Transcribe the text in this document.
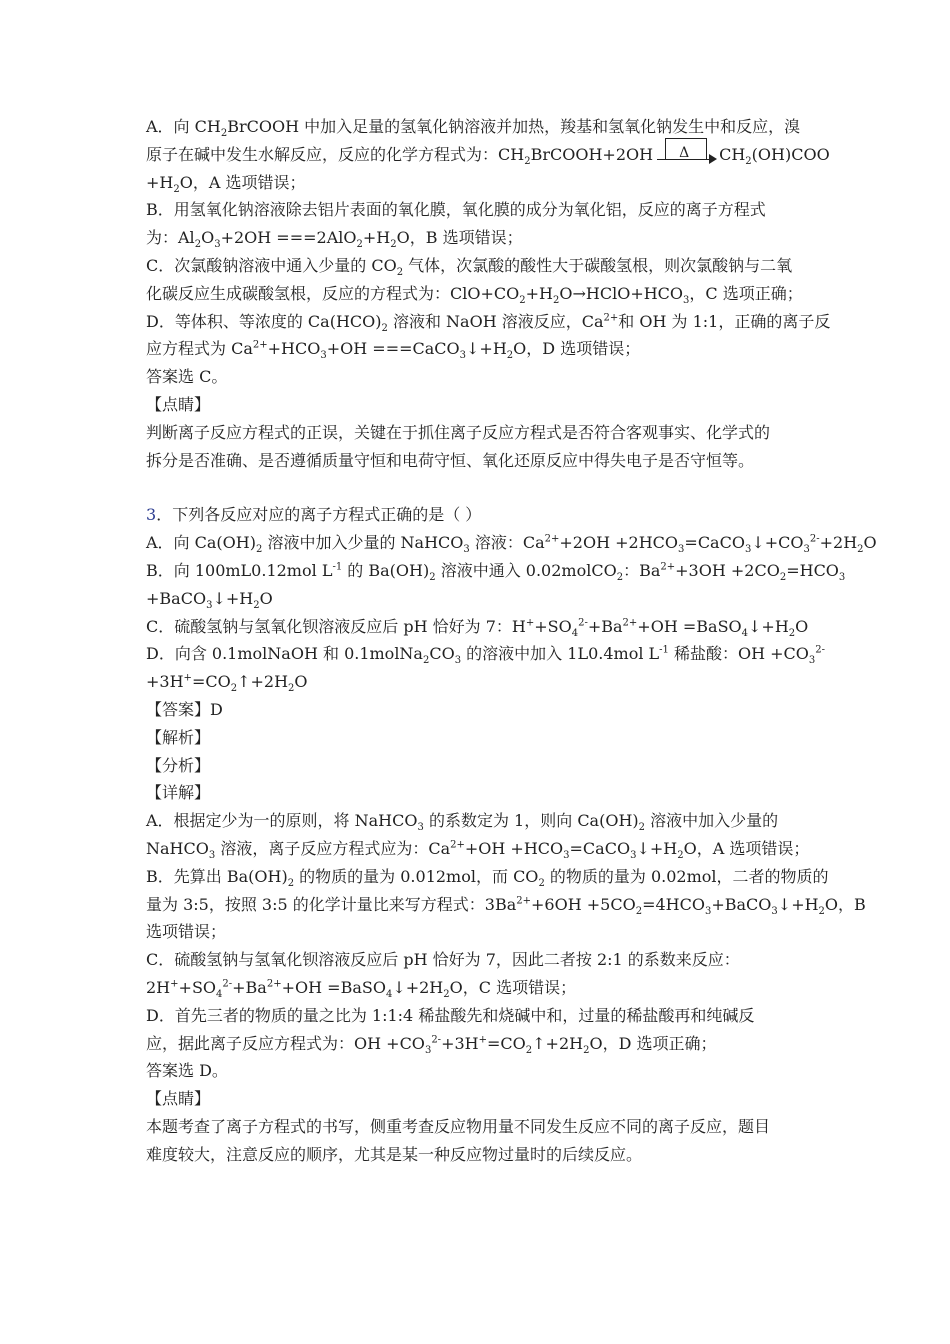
A．向 $CH_2BrCOOH$ 中加入足量的氢氧化钠溶液并加热，羧基和氢氧化钠发生中和反应，溴
原子在碱中发生水解反应，反应的化学方程式为：$CH_2BrCOOH+2OH$ Δ $CH_2(OH)COO$
$+H_2O$，A 选项错误；
B．用氢氧化钠溶液除去铝片表面的氧化膜，氧化膜的成分为氧化铝，反应的离子方程式
为：$Al_2O_3+2OH ===2AlO_2+H_2O$，B 选项错误；
C．次氯酸钠溶液中通入少量的 $CO_2$ 气体，次氯酸的酸性大于碳酸氢根，则次氯酸钠与二氧
化碳反应生成碳酸氢根，反应的方程式为：$ClO+CO_2+H_2O\to HClO+HCO_3$，C 选项正确；
D．等体积、等浓度的 $Ca(HCO)_2$ 溶液和 NaOH 溶液反应，$Ca^{2+}$和 OH 为 1:1，正确的离子反
应方程式为 $Ca^{2+}+HCO_3+OH$ $===CaCO_3↓+H_2O$，D 选项错误；
答案选 C。
【点睛】
判断离子反应方程式的正误，关键在于抓住离子反应方程式是否符合客观事实、化学式的
拆分是否准确、是否遵循质量守恒和电荷守恒、氧化还原反应中得失电子是否守恒等。
3．下列各反应对应的离子方程式正确的是（ ）
A．向 $Ca(OH)_2$ 溶液中加入少量的 NaHCO$_3$ 溶液：$Ca^{2+}+2OH$ $+2HCO_3=CaCO_3↓+CO_3^{2-}+2H_2O$
B．向 100mL0.12mol $L^{-1}$ 的 $Ba(OH)_2$ 溶液中通入 0.02molCO$_2$：$Ba^{2+}+3OH +2CO_2=HCO_3$
$+BaCO_3↓+H_2O$
C．硫酸氢钠与氢氧化钡溶液反应后 pH 恰好为 7：$H^++SO_4^{2-}+Ba^{2+}+OH$ $=BaSO_4↓+H_2O$
D．向含 0.1molNaOH 和 $0.1molNa_2CO_3$ 的溶液中加入 1L0.4mol $L^{-1}$ 稀盐酸：OH $+CO_3^{2-}$
$+3H^+=CO_2↑+2H_2O$
【答案】D
【解析】
【分析】
【详解】
A．根据定少为一的原则，将 NaHCO$_3$ 的系数定为 1，则向 $Ca(OH)_2$ 溶液中加入少量的
NaHCO$_3$ 溶液，离子反应方程式应为：$Ca^{2+}+OH$ $+HCO_3=CaCO_3↓+H_2O$，A 选项错误；
B．先算出 $Ba(OH)_2$ 的物质的量为 0.012mol，而 $CO_2$ 的物质的量为 0.02mol，二者的物质的
量为 3:5，按照 3:5 的化学计量比来写方程式：$3Ba^{2+}+6OH$ $+5CO_2=4HCO_3+BaCO_3↓+H_2O$，B
选项错误；
C．硫酸氢钠与氢氧化钡溶液反应后 pH 恰好为 7，因此二者按 2:1 的系数来反应：
$2H^++SO_4^{2-}+Ba^{2+}+OH$ $=BaSO_4↓+2H_2O$，C 选项错误；
D．首先三者的物质的量之比为 1:1:4 稀盐酸先和烧碱中和，过量的稀盐酸再和纯碱反
应，据此离子反应方程式为：OH $+CO_3^{2-}+3H^+=CO_2↑+2H_2O$，D 选项正确；
答案选 D。
【点睛】
本题考查了离子方程式的书写，侧重考查反应物用量不同发生反应不同的离子反应，题目
难度较大，注意反应的顺序，尤其是某一种反应物过量时的后续反应。
